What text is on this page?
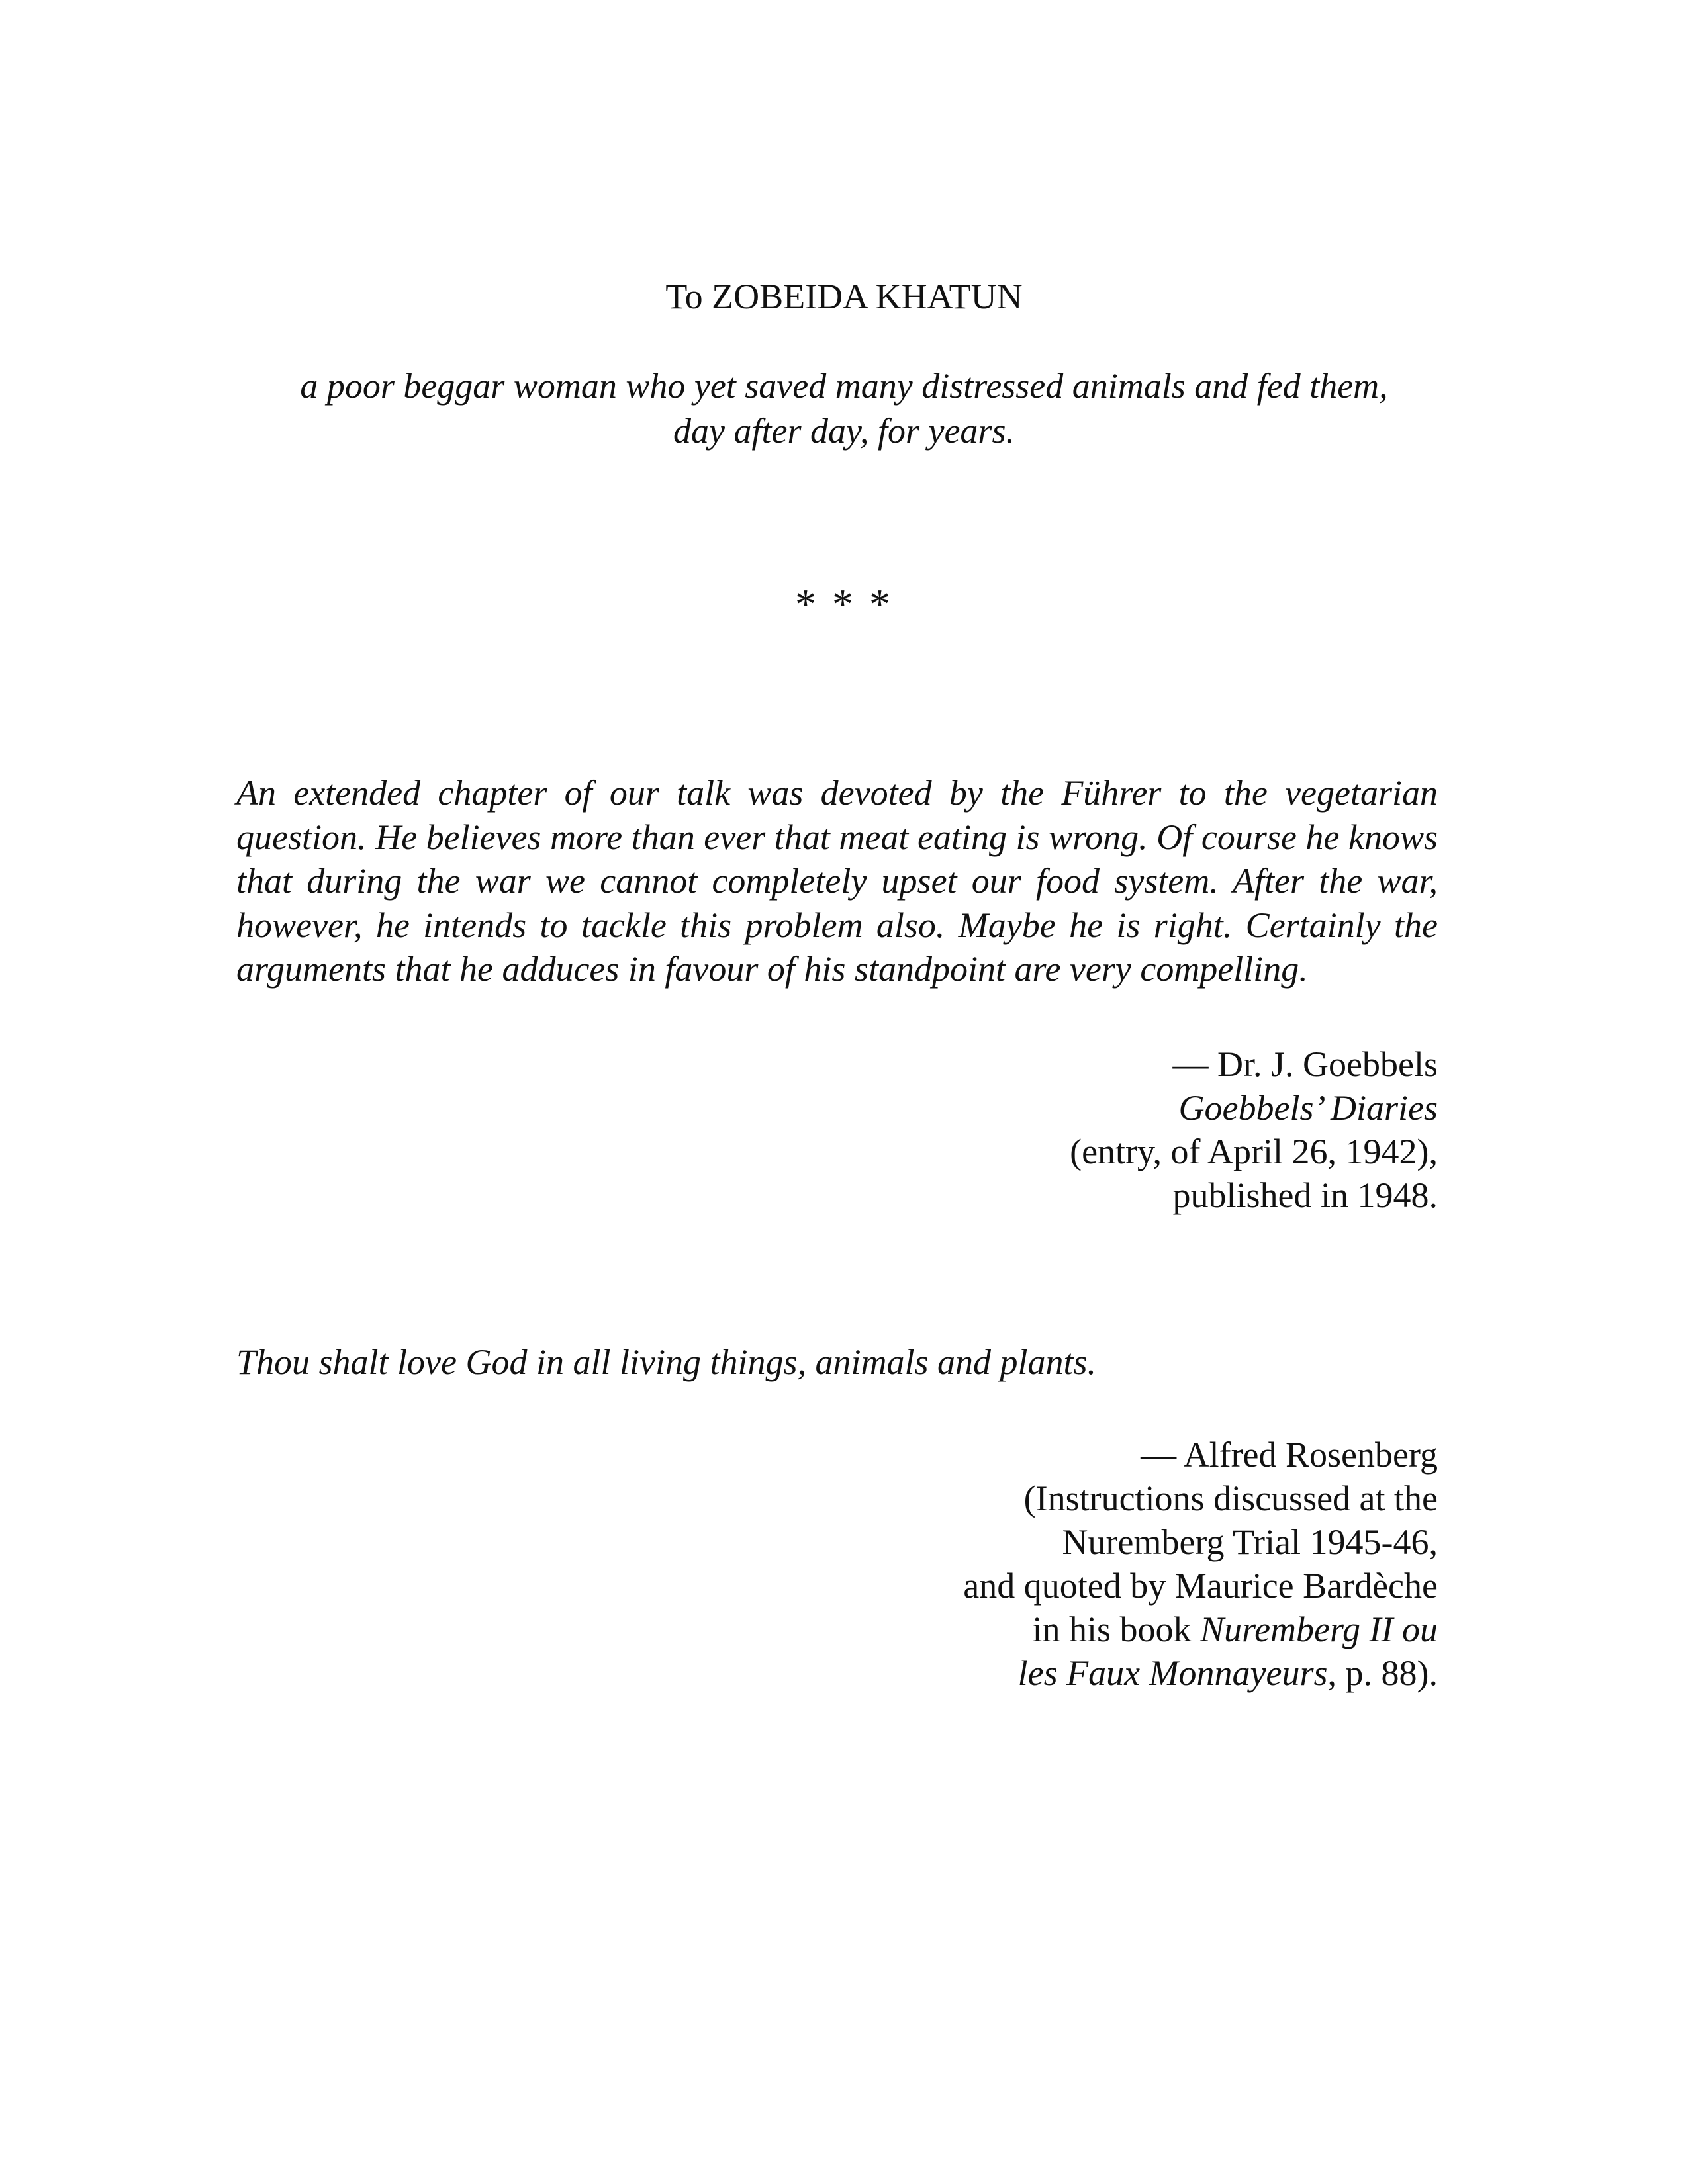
To ZOBEIDA KHATUN
a poor beggar woman who yet saved many distressed animals and fed them,
day after day, for years.
* * *

An extended chapter of our talk was devoted by the Führer to the vegetarian question. He believes more than ever that meat eating is wrong. Of course he knows that during the war we cannot completely upset our food system. After the war, however, he intends to tackle this problem also. Maybe he is right. Certainly the arguments that he adduces in favour of his standpoint are very compelling.

— Dr. J. Goebbels
Goebbels’ Diaries
(entry, of April 26, 1942),
published in 1948.
Thou shalt love God in all living things, animals and plants.
— Alfred Rosenberg
(Instructions discussed at the
Nuremberg Trial 1945-46,
and quoted by Maurice Bardèche
in his book Nuremberg II ou
les Faux Monnayeurs, p. 88).
